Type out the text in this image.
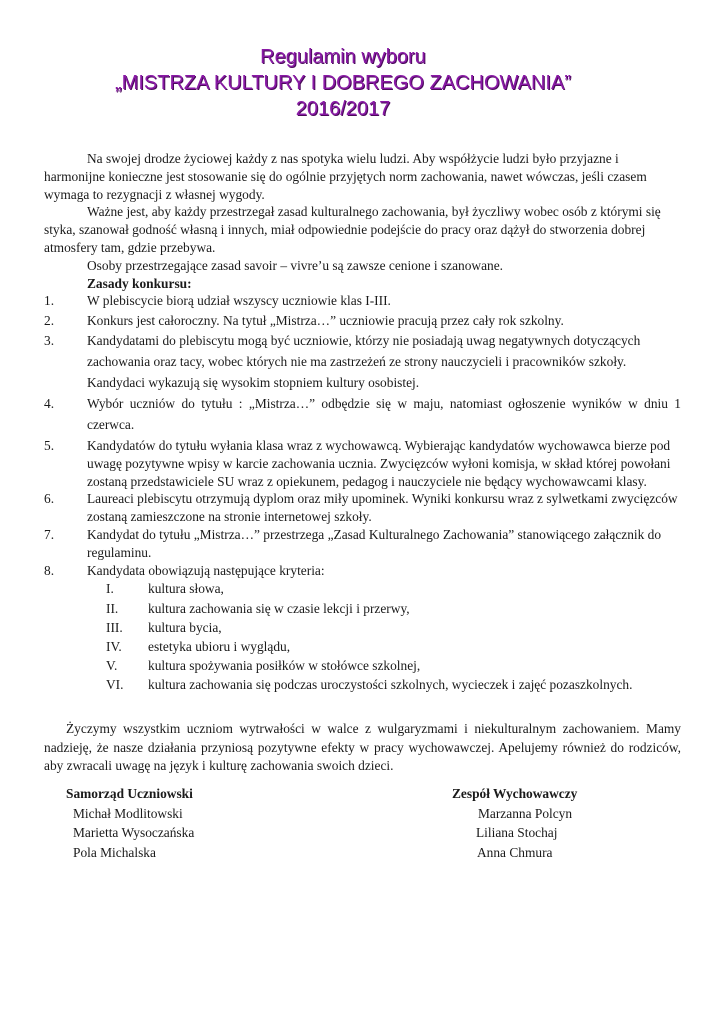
Regulamin wyboru
„MISTRZA KULTURY I DOBREGO ZACHOWANIA”
2016/2017

Na swojej drodze życiowej każdy z nas spotyka wielu ludzi. Aby współżycie ludzi było przyjazne i harmonijne konieczne jest stosowanie się do ogólnie przyjętych norm zachowania, nawet wówczas, jeśli czasem wymaga to rezygnacji z własnej wygody.

Ważne jest, aby każdy przestrzegał zasad kulturalnego zachowania, był życzliwy wobec osób z którymi się styka, szanował godność własną i innych, miał odpowiednie podejście do pracy oraz dążył do stworzenia dobrej atmosfery tam, gdzie przebywa.

Osoby przestrzegające zasad savoir – vivre’u są zawsze cenione i szanowane.

Zasady konkursu:

1.	W plebiscycie biorą udział wszyscy uczniowie klas I-III.
2.	Konkurs jest całoroczny. Na tytuł „Mistrza…” uczniowie pracują przez cały rok szkolny.
3.	Kandydatami do plebiscytu mogą być uczniowie, którzy nie posiadają uwag negatywnych dotyczących zachowania oraz tacy, wobec których nie ma zastrzeżeń ze strony nauczycieli i pracowników szkoły. Kandydaci wykazują się wysokim stopniem kultury osobistej.
4.	Wybór uczniów do tytułu : „Mistrza…” odbędzie się w maju, natomiast ogłoszenie wyników w dniu 1 czerwca.
5.	Kandydatów do tytułu wyłania klasa wraz z wychowawcą. Wybierając kandydatów wychowawca bierze pod uwagę pozytywne wpisy w karcie zachowania ucznia. Zwycięzców wyłoni komisja, w skład której powołani zostaną przedstawiciele SU wraz z opiekunem, pedagog i nauczyciele nie będący wychowawcami klasy.
6.	Laureaci plebiscytu otrzymują dyplom oraz miły upominek. Wyniki konkursu wraz z sylwetkami zwycięzców zostaną zamieszczone na stronie internetowej szkoły.
7.	Kandydat do tytułu „Mistrza…” przestrzega „Zasad Kulturalnego Zachowania” stanowiącego załącznik do regulaminu.
8.	Kandydata obowiązują następujące kryteria:
I.	kultura słowa,
II.	kultura zachowania się w czasie lekcji i przerwy,
III.	kultura bycia,
IV.	estetyka ubioru i wyglądu,
V.	kultura spożywania posiłków w stołówce szkolnej,
VI.	kultura zachowania się podczas uroczystości szkolnych, wycieczek i zajęć pozaszkolnych.

Życzymy wszystkim uczniom wytrwałości w walce z wulgaryzmami i niekulturalnym zachowaniem. Mamy nadzieję, że nasze działania przyniosą pozytywne efekty w pracy wychowawczej. Apelujemy również do rodziców, aby zwracali uwagę na język i kulturę zachowania swoich dzieci.

Samorząd Uczniowski
Michał Modlitowski
Marietta Wysoczańska
Pola Michalska
Zespół Wychowawczy
Marzanna Polcyn
Liliana Stochaj
Anna Chmura
